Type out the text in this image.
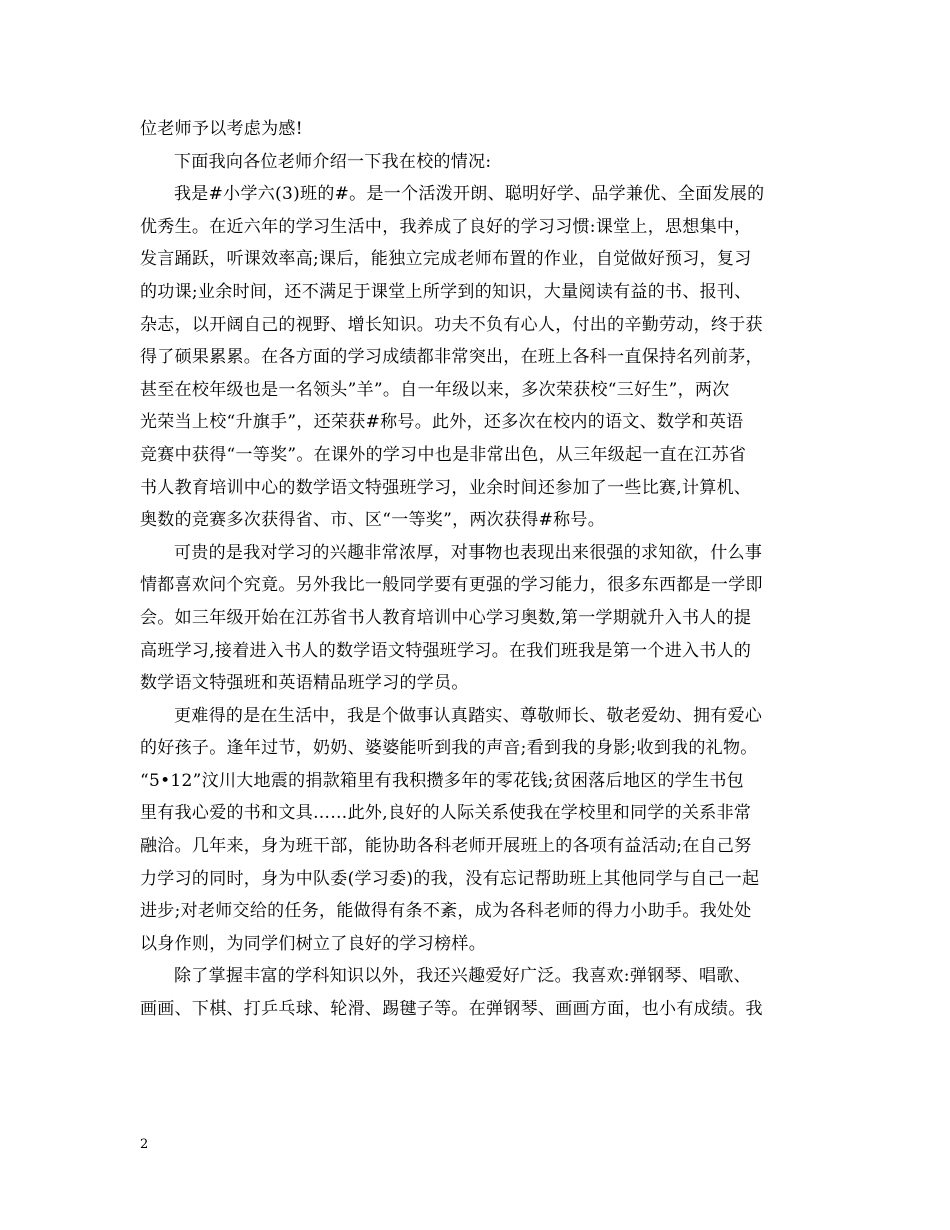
位老师予以考虑为感!
下面我向各位老师介绍一下我在校的情况:
我是#小学六(3)班的#。是一个活泼开朗、聪明好学、品学兼优、全面发展的
优秀生。在近六年的学习生活中，我养成了良好的学习习惯:课堂上，思想集中，
发言踊跃，听课效率高;课后，能独立完成老师布置的作业，自觉做好预习，复习
的功课;业余时间，还不满足于课堂上所学到的知识，大量阅读有益的书、报刊、
杂志，以开阔自己的视野、增长知识。功夫不负有心人，付出的辛勤劳动，终于获
得了硕果累累。在各方面的学习成绩都非常突出，在班上各科一直保持名列前茅，
甚至在校年级也是一名领头”羊”。自一年级以来，多次荣获校“三好生”，两次
光荣当上校“升旗手”，还荣获#称号。此外，还多次在校内的语文、数学和英语
竞赛中获得“一等奖”。在课外的学习中也是非常出色，从三年级起一直在江苏省
书人教育培训中心的数学语文特强班学习，业余时间还参加了一些比赛,计算机、
奥数的竞赛多次获得省、市、区“一等奖”，两次获得#称号。
可贵的是我对学习的兴趣非常浓厚，对事物也表现出来很强的求知欲，什么事
情都喜欢问个究竟。另外我比一般同学要有更强的学习能力，很多东西都是一学即
会。如三年级开始在江苏省书人教育培训中心学习奥数,第一学期就升入书人的提
高班学习,接着进入书人的数学语文特强班学习。在我们班我是第一个进入书人的
数学语文特强班和英语精品班学习的学员。
更难得的是在生活中，我是个做事认真踏实、尊敬师长、敬老爱幼、拥有爱心
的好孩子。逢年过节，奶奶、婆婆能听到我的声音;看到我的身影;收到我的礼物。
“5•12”汶川大地震的捐款箱里有我积攒多年的零花钱;贫困落后地区的学生书包
里有我心爱的书和文具……此外,良好的人际关系使我在学校里和同学的关系非常
融洽。几年来，身为班干部，能协助各科老师开展班上的各项有益活动;在自己努
力学习的同时，身为中队委(学习委)的我，没有忘记帮助班上其他同学与自己一起
进步;对老师交给的任务，能做得有条不紊，成为各科老师的得力小助手。我处处
以身作则，为同学们树立了良好的学习榜样。
除了掌握丰富的学科知识以外，我还兴趣爱好广泛。我喜欢:弹钢琴、唱歌、
画画、下棋、打乒乓球、轮滑、踢毽子等。在弹钢琴、画画方面，也小有成绩。我
2
